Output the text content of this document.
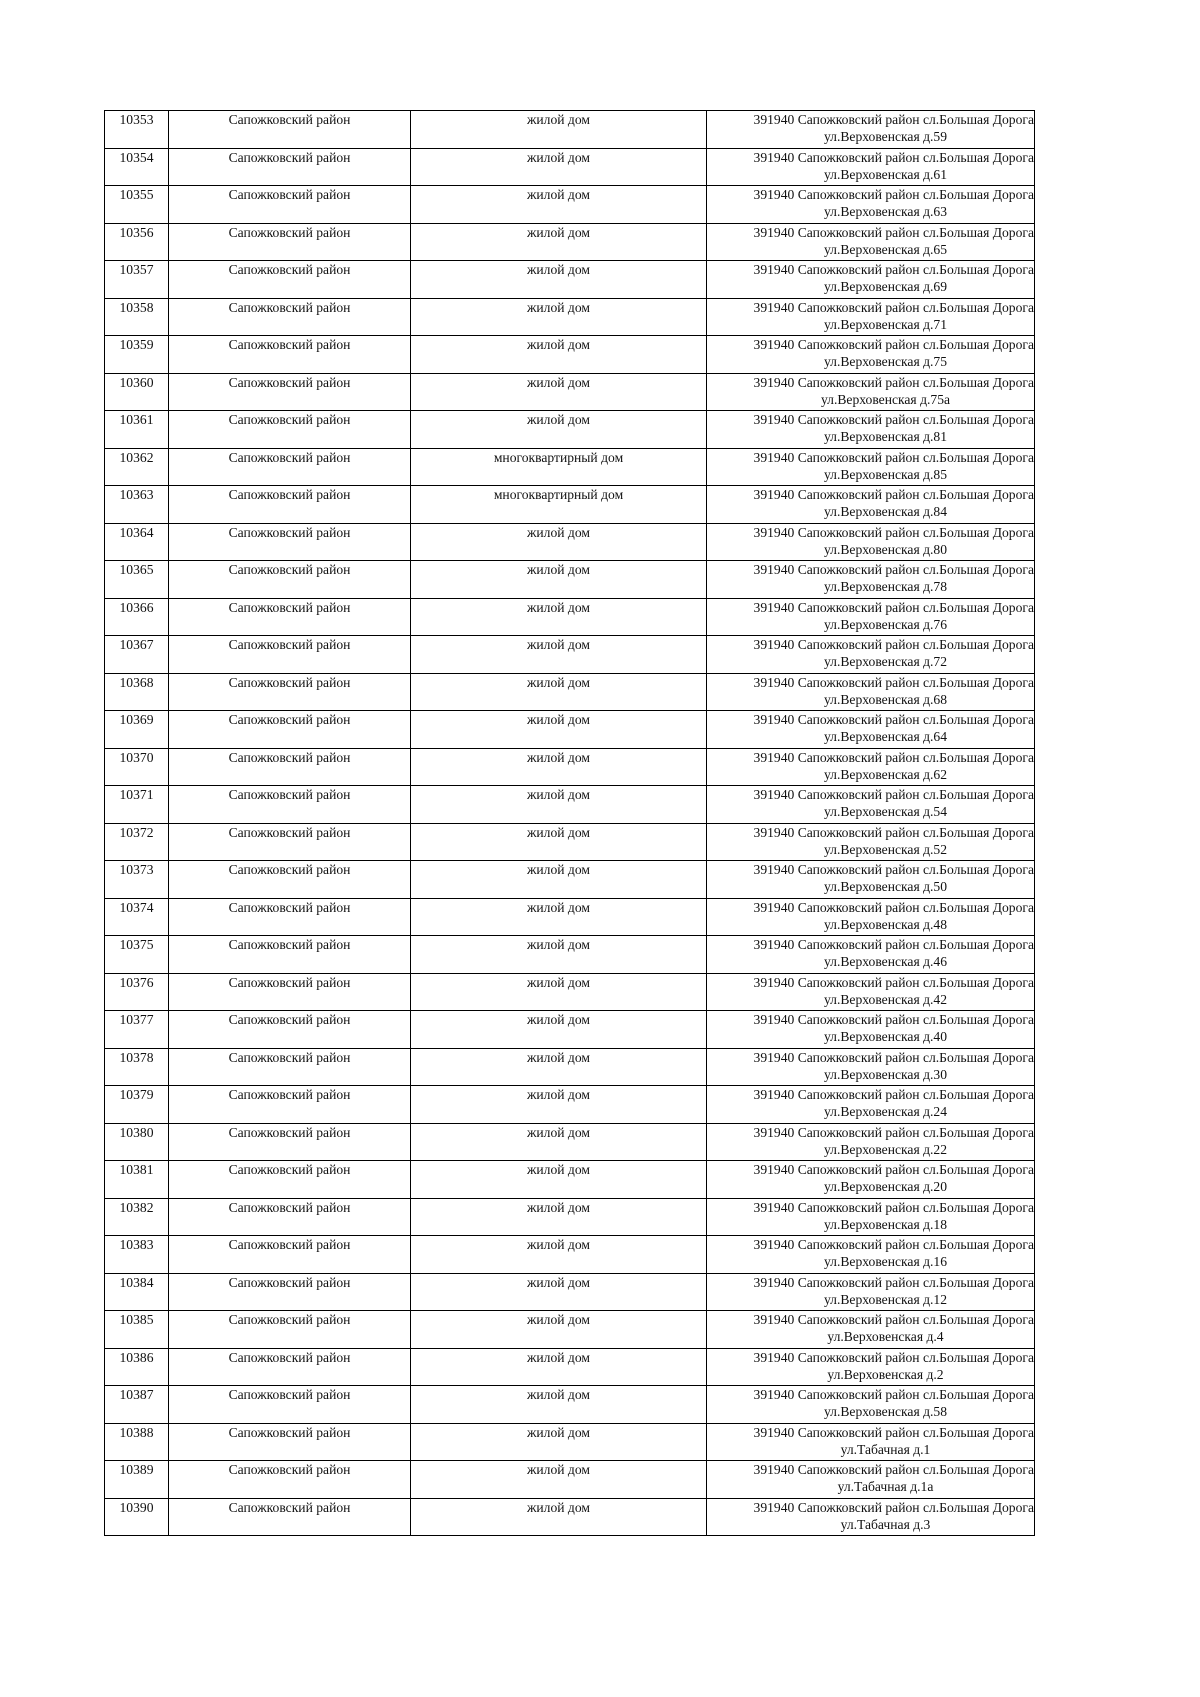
10353	Сапожковский район	жилой дом	391940 Сапожковский район сл.Большая Дорога
ул.Верховенская д.59

10354	Сапожковский район	жилой дом	391940 Сапожковский район сл.Большая Дорога
ул.Верховенская д.61

10355	Сапожковский район	жилой дом	391940 Сапожковский район сл.Большая Дорога
ул.Верховенская д.63

10356	Сапожковский район	жилой дом	391940 Сапожковский район сл.Большая Дорога
ул.Верховенская д.65

10357	Сапожковский район	жилой дом	391940 Сапожковский район сл.Большая Дорога
ул.Верховенская д.69

10358	Сапожковский район	жилой дом	391940 Сапожковский район сл.Большая Дорога
ул.Верховенская д.71

10359	Сапожковский район	жилой дом	391940 Сапожковский район сл.Большая Дорога
ул.Верховенская д.75

10360	Сапожковский район	жилой дом	391940 Сапожковский район сл.Большая Дорога
ул.Верховенская д.75а

10361	Сапожковский район	жилой дом	391940 Сапожковский район сл.Большая Дорога
ул.Верховенская д.81

10362	Сапожковский район	многоквартирный дом	391940 Сапожковский район сл.Большая Дорога
ул.Верховенская д.85

10363	Сапожковский район	многоквартирный дом	391940 Сапожковский район сл.Большая Дорога
ул.Верховенская д.84

10364	Сапожковский район	жилой дом	391940 Сапожковский район сл.Большая Дорога
ул.Верховенская д.80

10365	Сапожковский район	жилой дом	391940 Сапожковский район сл.Большая Дорога
ул.Верховенская д.78

10366	Сапожковский район	жилой дом	391940 Сапожковский район сл.Большая Дорога
ул.Верховенская д.76

10367	Сапожковский район	жилой дом	391940 Сапожковский район сл.Большая Дорога
ул.Верховенская д.72

10368	Сапожковский район	жилой дом	391940 Сапожковский район сл.Большая Дорога
ул.Верховенская д.68

10369	Сапожковский район	жилой дом	391940 Сапожковский район сл.Большая Дорога
ул.Верховенская д.64

10370	Сапожковский район	жилой дом	391940 Сапожковский район сл.Большая Дорога
ул.Верховенская д.62

10371	Сапожковский район	жилой дом	391940 Сапожковский район сл.Большая Дорога
ул.Верховенская д.54

10372	Сапожковский район	жилой дом	391940 Сапожковский район сл.Большая Дорога
ул.Верховенская д.52

10373	Сапожковский район	жилой дом	391940 Сапожковский район сл.Большая Дорога
ул.Верховенская д.50

10374	Сапожковский район	жилой дом	391940 Сапожковский район сл.Большая Дорога
ул.Верховенская д.48

10375	Сапожковский район	жилой дом	391940 Сапожковский район сл.Большая Дорога
ул.Верховенская д.46

10376	Сапожковский район	жилой дом	391940 Сапожковский район сл.Большая Дорога
ул.Верховенская д.42

10377	Сапожковский район	жилой дом	391940 Сапожковский район сл.Большая Дорога
ул.Верховенская д.40

10378	Сапожковский район	жилой дом	391940 Сапожковский район сл.Большая Дорога
ул.Верховенская д.30

10379	Сапожковский район	жилой дом	391940 Сапожковский район сл.Большая Дорога
ул.Верховенская д.24

10380	Сапожковский район	жилой дом	391940 Сапожковский район сл.Большая Дорога
ул.Верховенская д.22

10381	Сапожковский район	жилой дом	391940 Сапожковский район сл.Большая Дорога
ул.Верховенская д.20

10382	Сапожковский район	жилой дом	391940 Сапожковский район сл.Большая Дорога
ул.Верховенская д.18

10383	Сапожковский район	жилой дом	391940 Сапожковский район сл.Большая Дорога
ул.Верховенская д.16

10384	Сапожковский район	жилой дом	391940 Сапожковский район сл.Большая Дорога
ул.Верховенская д.12

10385	Сапожковский район	жилой дом	391940 Сапожковский район сл.Большая Дорога
ул.Верховенская д.4

10386	Сапожковский район	жилой дом	391940 Сапожковский район сл.Большая Дорога
ул.Верховенская д.2

10387	Сапожковский район	жилой дом	391940 Сапожковский район сл.Большая Дорога
ул.Верховенская д.58

10388	Сапожковский район	жилой дом	391940 Сапожковский район сл.Большая Дорога
ул.Табачная д.1

10389	Сапожковский район	жилой дом	391940 Сапожковский район сл.Большая Дорога
ул.Табачная д.1а

10390	Сапожковский район	жилой дом	391940 Сапожковский район сл.Большая Дорога
ул.Табачная д.3
